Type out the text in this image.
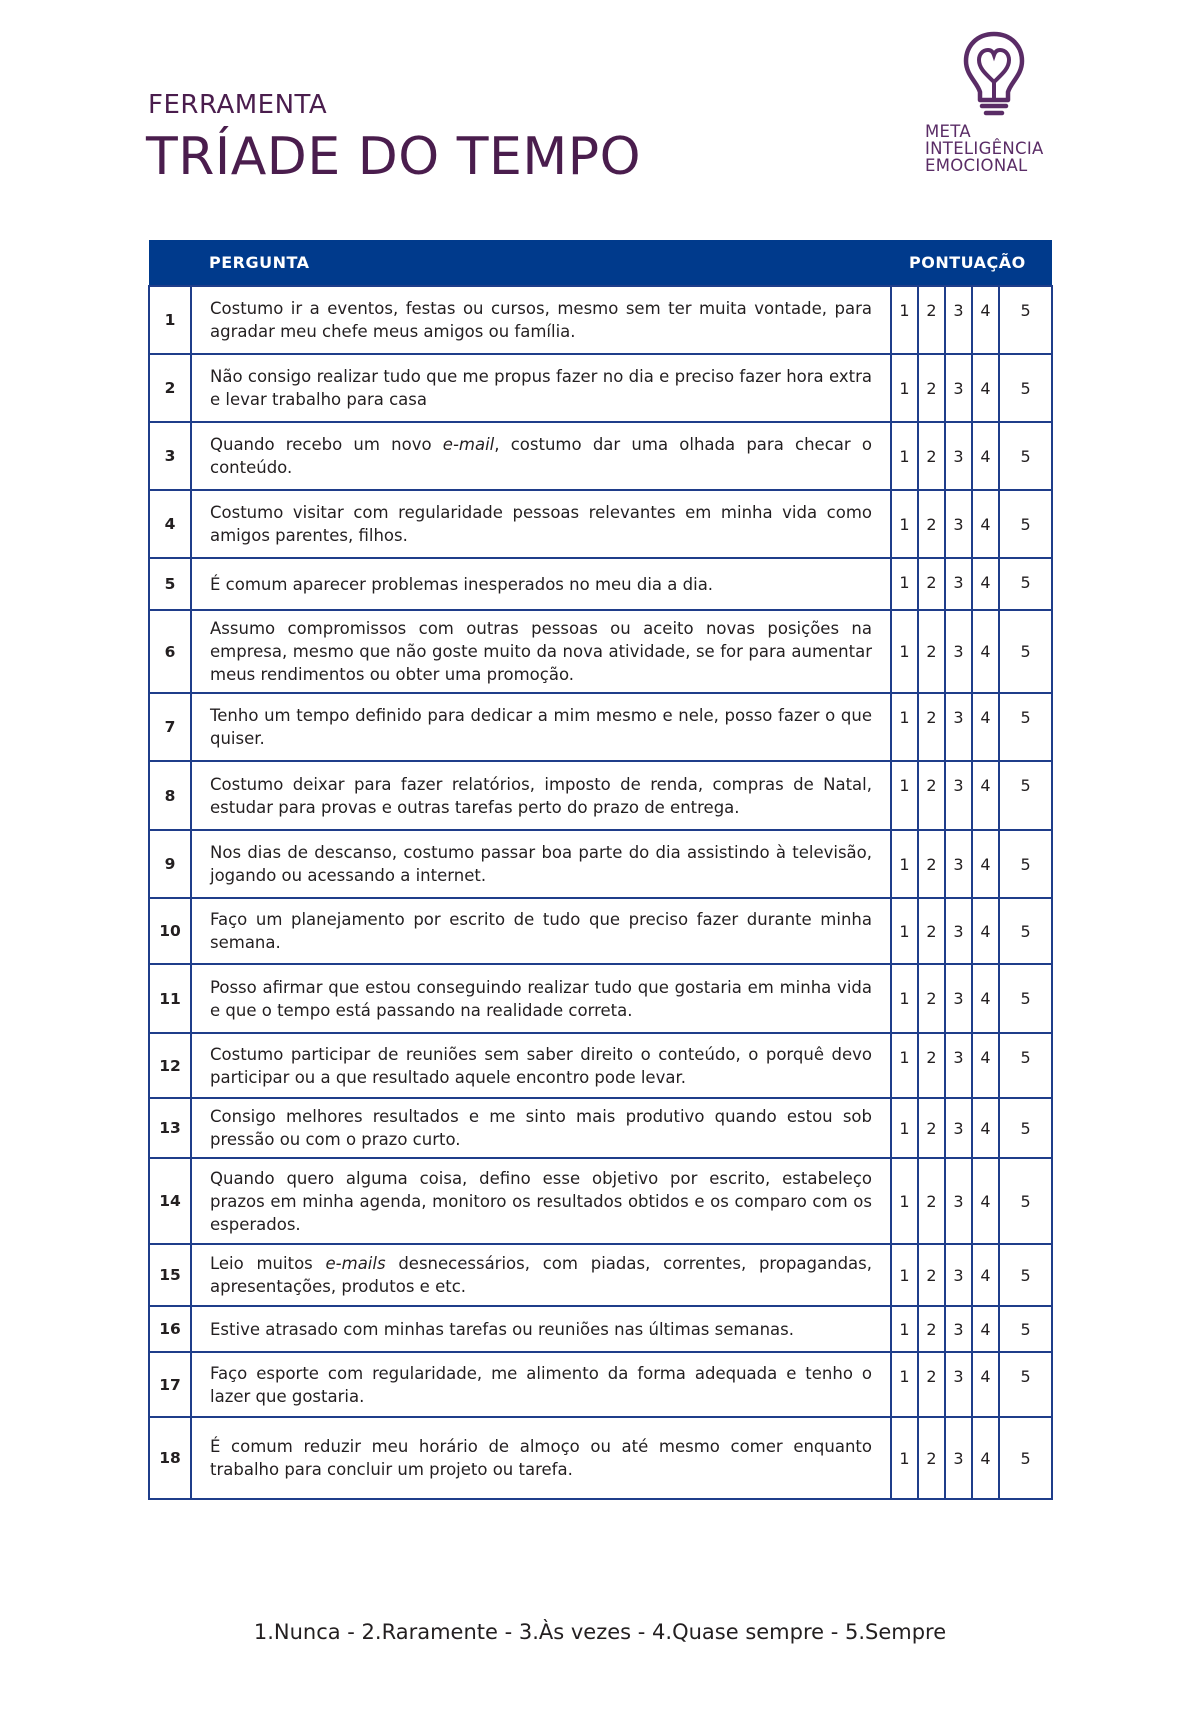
FERRAMENTA
TRÍADE DO TEMPO	META
INTELIGÊNCIA
EMOCIONAL
	PERGUNTA	PONTUAÇÃO				
1	Costumo ir a eventos, festas ou cursos, mesmo sem ter muita vontade, para agradar meu chefe meus amigos ou família.	1	2	3	4	5
2	Não consigo realizar tudo que me propus fazer no dia e preciso fazer hora extra e levar trabalho para casa	1	2	3	4	5
3	Quando recebo um novo e-mail, costumo dar uma olhada para checar o conteúdo.	1	2	3	4	5
4	Costumo visitar com regularidade pessoas relevantes em minha vida como amigos parentes, filhos.	1	2	3	4	5
5	É comum aparecer problemas inesperados no meu dia a dia.	1	2	3	4	5
6	Assumo compromissos com outras pessoas ou aceito novas posições na empresa, mesmo que não goste muito da nova atividade, se for para aumentar meus rendimentos ou obter uma promoção.	1	2	3	4	5
7	Tenho um tempo definido para dedicar a mim mesmo e nele, posso fazer o que quiser.	1	2	3	4	5
8	Costumo deixar para fazer relatórios, imposto de renda, compras de Natal, estudar para provas e outras tarefas perto do prazo de entrega.	1	2	3	4	5
9	Nos dias de descanso, costumo passar boa parte do dia assistindo à televisão, jogando ou acessando a internet.	1	2	3	4	5
10	Faço um planejamento por escrito de tudo que preciso fazer durante minha semana.	1	2	3	4	5
11	Posso afirmar que estou conseguindo realizar tudo que gostaria em minha vida e que o tempo está passando na realidade correta.	1	2	3	4	5
12	Costumo participar de reuniões sem saber direito o conteúdo, o porquê devo participar ou a que resultado aquele encontro pode levar.	1	2	3	4	5
13	Consigo melhores resultados e me sinto mais produtivo quando estou sob pressão ou com o prazo curto.	1	2	3	4	5
14	Quando quero alguma coisa, defino esse objetivo por escrito, estabeleço prazos em minha agenda, monitoro os resultados obtidos e os comparo com os esperados.	1	2	3	4	5
15	Leio muitos e-mails desnecessários, com piadas, correntes, propagandas, apresentações, produtos e etc.	1	2	3	4	5
16	Estive atrasado com minhas tarefas ou reuniões nas últimas semanas.	1	2	3	4	5
17	Faço esporte com regularidade, me alimento da forma adequada e tenho o lazer que gostaria.	1	2	3	4	5
18	É comum reduzir meu horário de almoço ou até mesmo comer enquanto trabalho para concluir um projeto ou tarefa.	1	2	3	4	5
1.Nunca - 2.Raramente - 3.Às vezes - 4.Quase sempre - 5.Sempre
